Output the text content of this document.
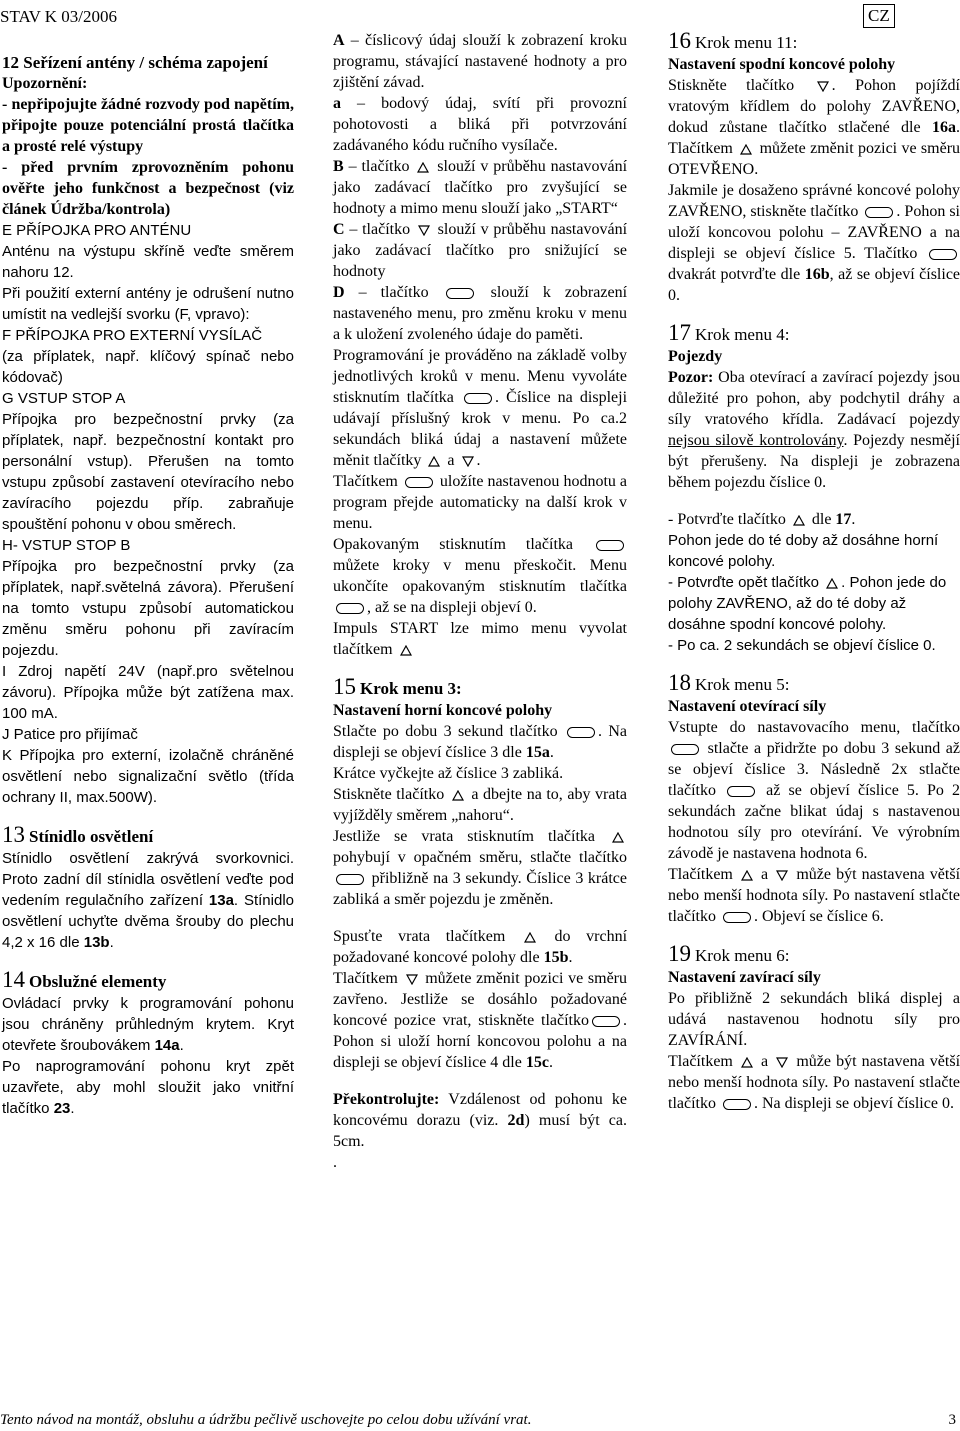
STAV K 03/2006	CZ

12 Seřízení antény / schéma zapojení

Upozornění:

- nepřipojujte žádné rozvody pod napětím, připojte pouze potenciální prostá tlačítka a prosté relé výstupy

- před prvním zprovozněním pohonu ověřte jeho funkčnost a bezpečnost (viz článek Údržba/kontrola)

E PŘÍPOJKA PRO ANTÉNU

Anténu na výstupu skříně veďte směrem nahoru 12.

Při použití externí antény je odrušení nutno umístit na vedlejší svorku (F, vpravo):

F PŘÍPOJKA PRO EXTERNÍ VYSÍLAČ

(za příplatek, např. klíčový spínač nebo kódovač)

G VSTUP STOP A

Přípojka pro bezpečnostní prvky (za příplatek, např. bezpečnostní kontakt pro personální vstup). Přerušen na tomto vstupu způsobí zastavení otevíracího nebo zavíracího pojezdu příp. zabraňuje spouštění pohonu v obou směrech.

H- VSTUP STOP B

Přípojka pro bezpečnostní prvky (za příplatek, např.světelná závora). Přerušení na tomto vstupu způsobí automatickou změnu směru pohonu při zavíracím pojezdu.

I Zdroj napětí 24V (např.pro světelnou závoru). Přípojka může být zatížena max. 100 mA.

J Patice pro přijímač

K Přípojka pro externí, izolačně chráněné osvětlení nebo signalizační světlo (třída ochrany II, max.500W).

13 Stínidlo osvětlení

Stínidlo osvětlení zakrývá svorkovnici. Proto zadní díl stínidla osvětlení veďte pod vedením regulačního zařízení 13a. Stínidlo osvětlení uchyťte dvěma šrouby do plechu 4,2 x 16 dle 13b.

14 Obslužné elementy

Ovládací prvky k programování pohonu jsou chráněny průhledným krytem. Kryt otevřete šroubovákem 14a.

Po naprogramování pohonu kryt zpět uzavřete, aby mohl sloužit jako vnitřní tlačítko 23.

A – číslicový údaj slouží k zobrazení kroku programu, stávající nastavené hodnoty a pro zjištění závad.

a – bodový údaj, svítí při provozní pohotovosti a bliká při potvrzování zadávaného kódu ručního vysílače.

B – tlačítko slouží v průběhu nastavování jako zadávací tlačítko pro zvyšující se hodnoty a mimo menu slouží jako „START“

C – tlačítko slouží v průběhu nastavování jako zadávací tlačítko pro snižující se hodnoty

D – tlačítko	slouží k zobrazení nastaveného menu, pro změnu kroku v menu a k uložení zvoleného údaje do paměti.

Programování je prováděno na základě volby jednotlivých kroků v menu. Menu vyvoláte stisknutím tlačítka	. Číslice na displeji udávají příslušný krok v menu. Po ca.2 sekundách bliká údaj a nastavení můžete měnit tlačítky a .

Tlačítkem	uložíte nastavenou hodnotu a program přejde automaticky na další krok v menu.

Opakovaným stisknutím tlačítka  můžete kroky v menu přeskočit. Menu ukončíte opakovaným stisknutím tlačítka, až se na displeji objeví 0.

Impuls START lze mimo menu vyvolat tlačítkem

15 Krok menu 3:

Nastavení horní koncové polohy

Stlačte po dobu 3 sekund tlačítko	. Na displeji se objeví číslice 3 dle 15a.

Krátce vyčkejte až číslice 3 zabliká.

Stiskněte tlačítko a dbejte na to, aby vrata vyjížděly směrem „nahoru“.

Jestliže se vrata stisknutím tlačítka  pohybují v opačném směru, stlačte tlačítko  přibližně na 3 sekundy. Číslice 3 krátce zabliká a směr pojezdu je změněn.

Spusťte vrata tlačítkem	do vrchní požadované koncové polohy dle 15b.

Tlačítkem můžete změnit pozici ve směru zavřeno. Jestliže se dosáhlo požadované koncové pozice vrat, stiskněte tlačítko . Pohon si uloží horní koncovou polohu a na displeji se objeví číslice 4 dle 15c.

Překontrolujte: Vzdálenost od pohonu ke koncovému dorazu (viz. 2d) musí být ca. 5cm.

.

16 Krok menu 11:

Nastavení spodní koncové polohy

Stiskněte tlačítko . Pohon pojíždí vratovým křídlem do polohy ZAVŘENO, dokud zůstane tlačítko stlačené dle 16a. Tlačítkem můžete změnit pozici ve směru OTEVŘENO.

Jakmile je dosaženo správné koncové polohy ZAVŘENO, stiskněte tlačítko . Pohon si uloží koncovou polohu – ZAVŘENO a na displeji se objeví číslice 5. Tlačítko  dvakrát potvrďte dle 16b, až se objeví číslice 0.

17 Krok menu 4:

Pojezdy

Pozor: Oba otevírací a zavírací pojezdy jsou důležité pro pohon, aby podchytil dráhy a síly vratového křídla. Zadávací pojezdy nejsou silově kontrolovány. Pojezdy nesmějí být přerušeny. Na displeji je zobrazena během pojezdu číslice 0.

- Potvrďte tlačítko dle 17.

Pohon jede do té doby až dosáhne horní koncové polohy.

- Potvrďte opět tlačítko . Pohon jede do polohy ZAVŘENO, až do té doby až dosáhne spodní koncové polohy.

- Po ca. 2 sekundách se objeví číslice 0.

18 Krok menu 5:

Nastavení otevírací síly

Vstupte do nastavovacího menu, tlačítko  stlačte a přidržte po dobu 3 sekund až se objeví číslice 3. Následně 2x stlačte tlačítko	až se objeví číslice 5. Po 2 sekundách začne blikat údaj s nastavenou hodnotou síly pro otevírání. Ve výrobním závodě je nastavena hodnota 6.

Tlačítkem a může být nastavena větší nebo menší hodnota síly. Po nastavení stlačte tlačítko . Objeví se číslice 6.

19 Krok menu 6:

Nastavení zavírací síly

Po přibližně 2 sekundách bliká displej a udává nastavenou hodnotu síly pro ZAVÍRÁNÍ.

Tlačítkem a může být nastavena větší nebo menší hodnota síly. Po nastavení stlačte tlačítko . Na displeji se objeví číslice 0.

Tento návod na montáž, obsluhu a údržbu pečlivě uschovejte po celou dobu užívání vrat.	3
